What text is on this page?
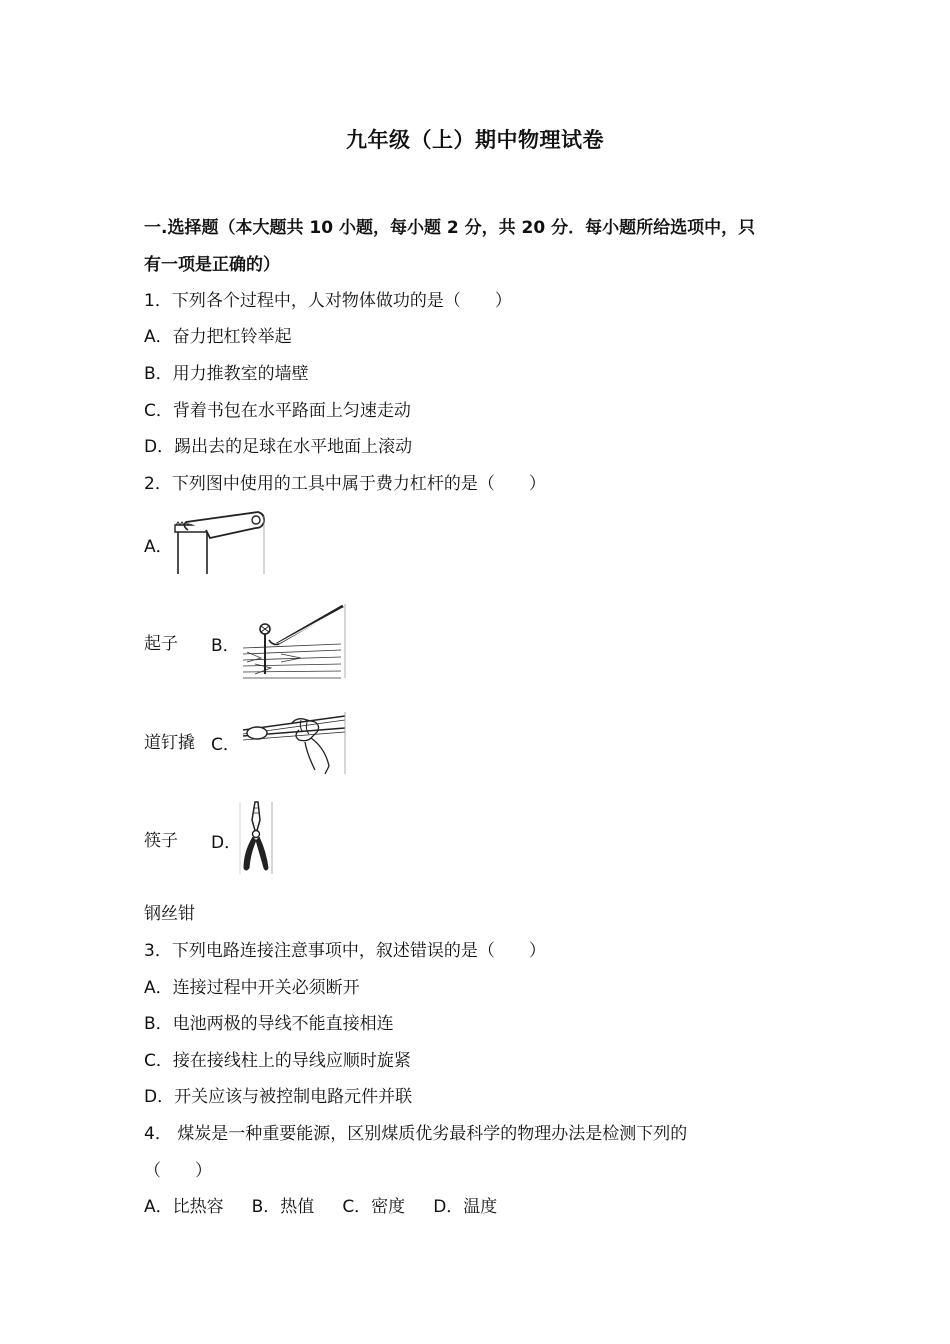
九年级（上）期中物理试卷
一.选择题（本大题共 10 小题，每小题 2 分，共 20 分．每小题所给选项中，只
有一项是正确的）
1．下列各个过程中，人对物体做功的是（　　）
A．奋力把杠铃举起
B．用力推教室的墙壁
C．背着书包在水平路面上匀速走动
D．踢出去的足球在水平地面上滚动
2．下列图中使用的工具中属于费力杠杆的是（　　）
A．
起子 B．
道钉撬 C．
筷子 D．
钢丝钳
3．下列电路连接注意事项中，叙述错误的是（　　）
A．连接过程中开关必须断开
B．电池两极的导线不能直接相连
C．接在接线柱上的导线应顺时旋紧
D．开关应该与被控制电路元件并联
4． 煤炭是一种重要能源，区别煤质优劣最科学的物理办法是检测下列的
（　　）
A．比热容 B．热值 C．密度 D．温度
